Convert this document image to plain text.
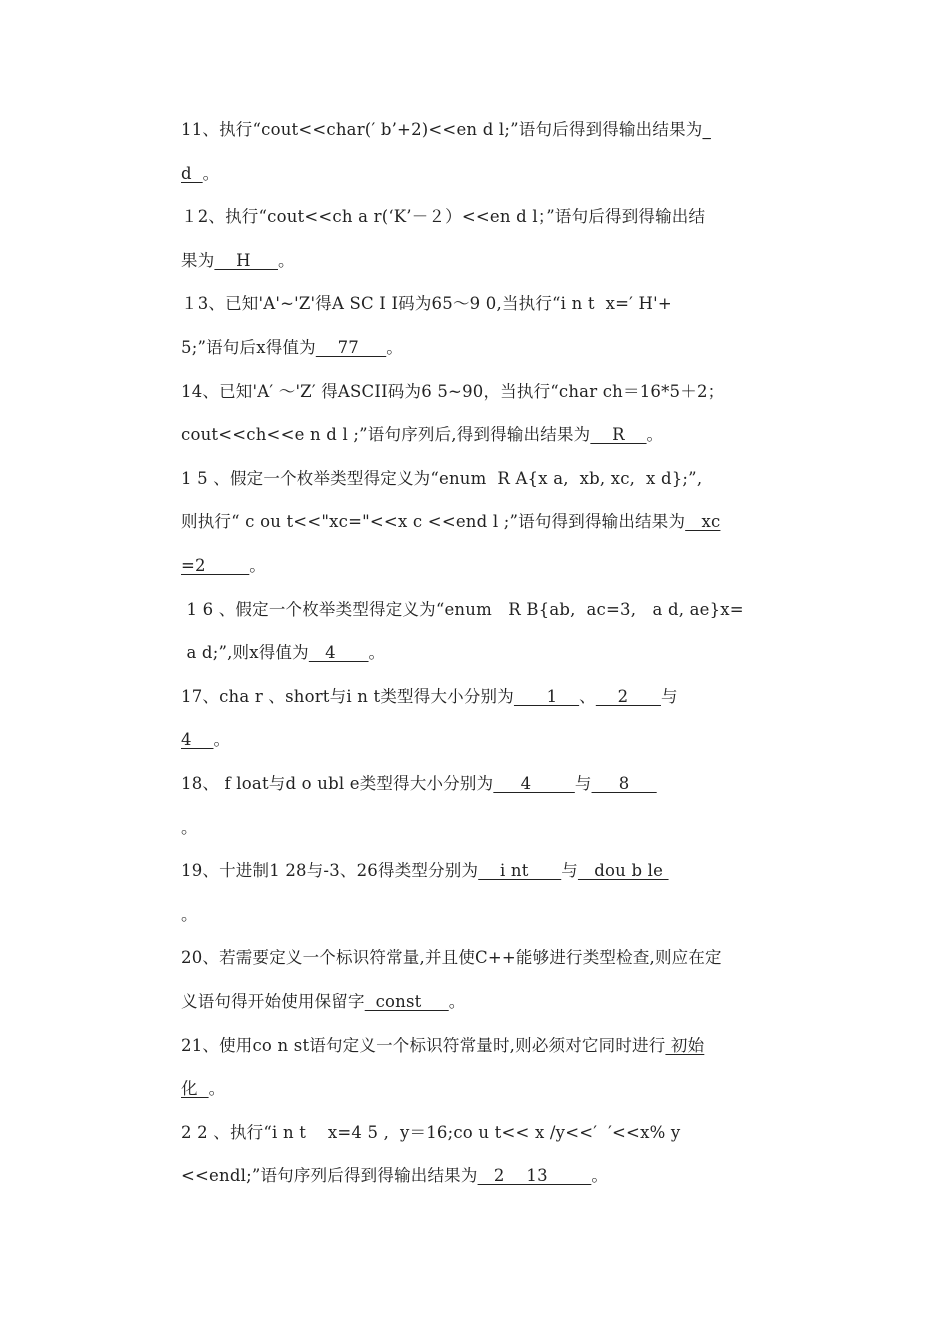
11、执行“cout<<char(′ b’+2)<<en d l;”语句后得到得输出结果为_
d  。
１2、执行“cout<<ch a r(‘K’－２）<<en d l；”语句后得到得输出结
果为    H     。
１3、已知'A'~'Z'得A SC I I码为65～9 0,当执行“i n t  x=′ H'+
5;”语句后x得值为    77     。
14、已知'A′ ～'Z′ 得ASCII码为6 5~90，当执行“char ch＝16*5＋2；
cout<<ch<<e n d l ;”语句序列后,得到得输出结果为    R    。
1 5 、假定一个枚举类型得定义为“enum  R A{x a,  xb, xc,  x d};”,
则执行“ c ou t<<"xc="<<x c <<end l ;”语句得到得输出结果为   xc
=2        。
1 6 、假定一个枚举类型得定义为“enum   R B{ab,  ac=3,   a d, ae}x=
a d;”,则x得值为   4      。
17、cha r 、short与i n t类型得大小分别为      1    、    2      与
4    。
18、 f loat与d o ubl e类型得大小分别为     4        与     8
。
19、十进制1 28与-3、26得类型分别为    i nt      与   dou b le
。
20、若需要定义一个标识符常量,并且使C++能够进行类型检查,则应在定
义语句得开始使用保留字  const     。
21、使用co n st语句定义一个标识符常量时,则必须对它同时进行 初始
化  。
2 2 、执行“i n t    x=4 5 ,  y＝16;co u t<< x /y<<′  ′<<x% y
<<endl;”语句序列后得到得输出结果为   2    13        。
